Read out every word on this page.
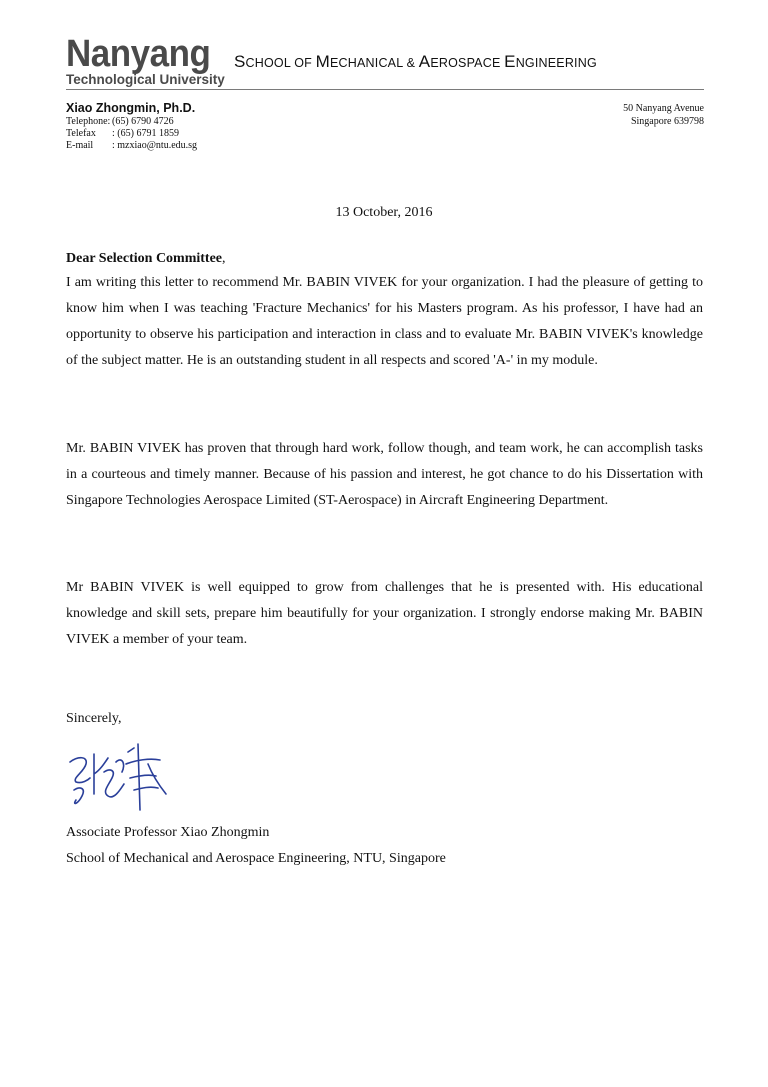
Nanyang
Technological University
SCHOOL OF MECHANICAL & AEROSPACE ENGINEERING
Xiao Zhongmin, Ph.D.
Telephone: (65) 6790 4726
Telefax	: (65) 6791 1859
E-mail	: mzxiao@ntu.edu.sg
50 Nanyang Avenue
Singapore 639798
13 October, 2016
Dear Selection Committee,
I am writing this letter to recommend Mr. BABIN VIVEK for your organization. I had the pleasure of getting to know him when I was teaching 'Fracture Mechanics' for his Masters program. As his professor, I have had an opportunity to observe his participation and interaction in class and to evaluate Mr. BABIN VIVEK's knowledge of the subject matter. He is an outstanding student in all respects and scored 'A-' in my module.
Mr. BABIN VIVEK has proven that through hard work, follow though, and team work, he can accomplish tasks in a courteous and timely manner. Because of his passion and interest, he got chance to do his Dissertation with Singapore Technologies Aerospace Limited (ST-Aerospace) in Aircraft Engineering Department.
Mr BABIN VIVEK is well equipped to grow from challenges that he is presented with. His educational knowledge and skill sets, prepare him beautifully for your organization. I strongly endorse making Mr. BABIN VIVEK a member of your team.
Sincerely,
Associate Professor Xiao Zhongmin
School of Mechanical and Aerospace Engineering, NTU, Singapore
